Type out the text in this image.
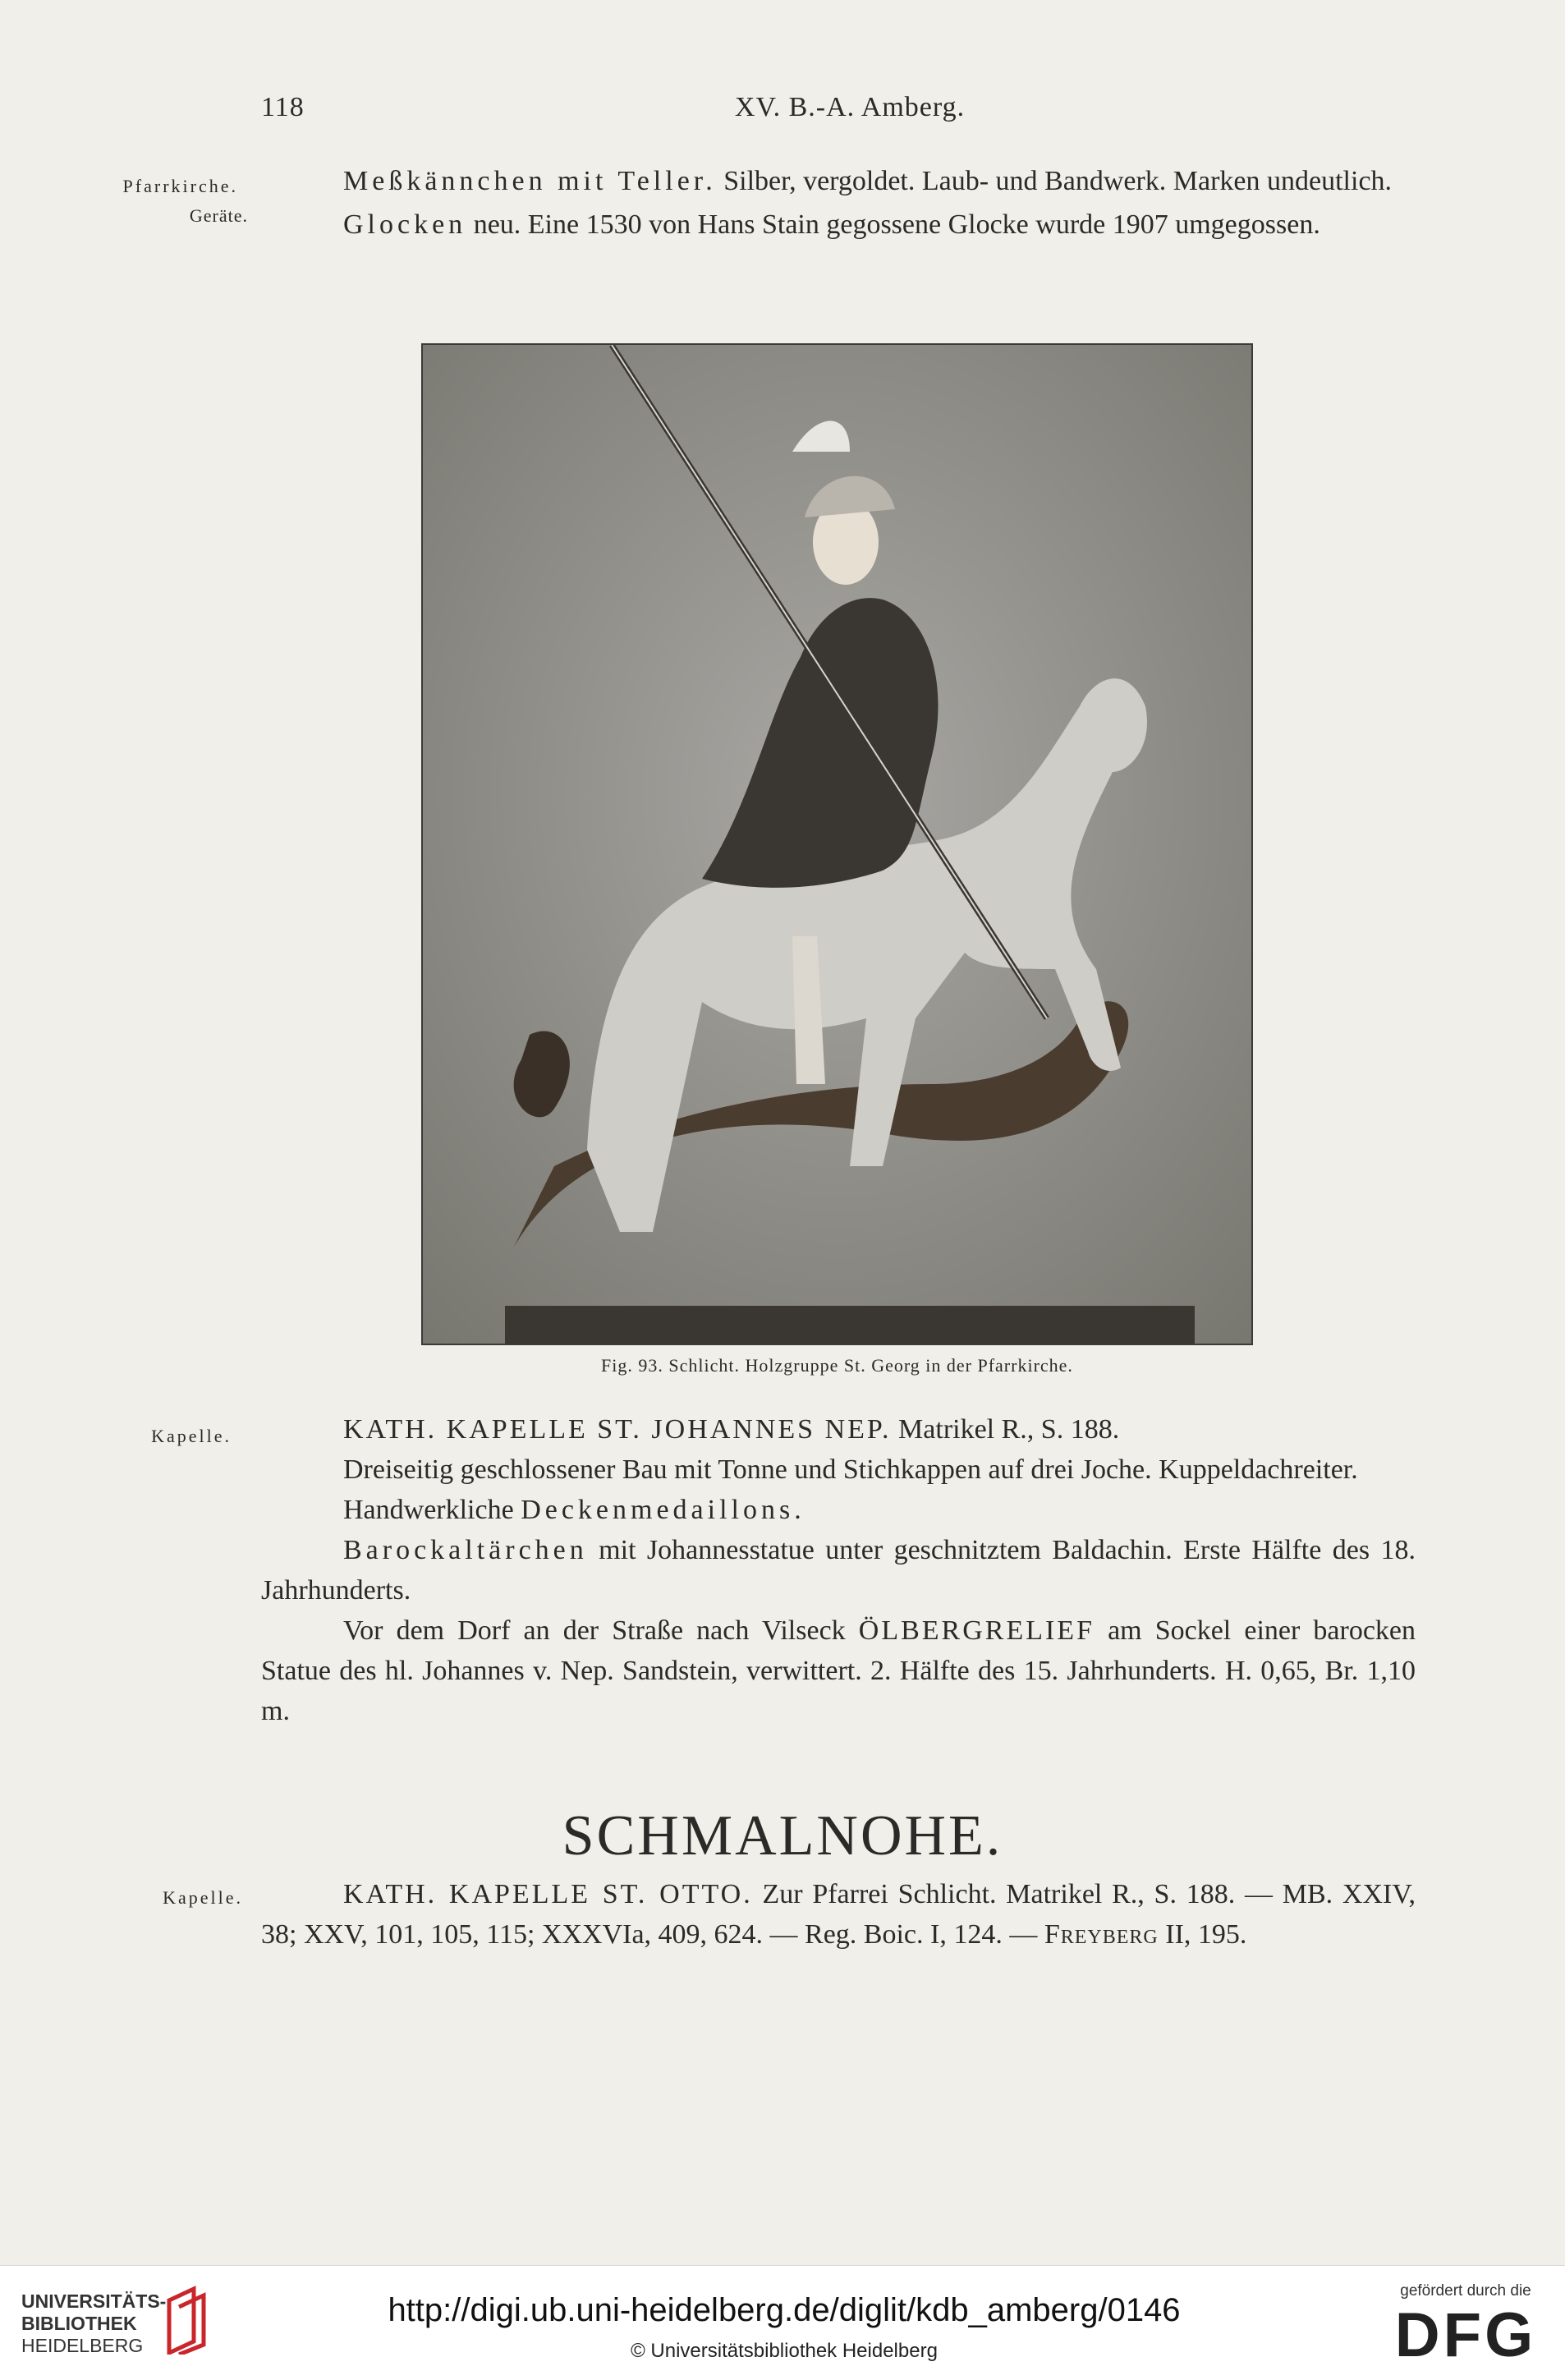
118	XV. B.-A. Amberg.
Pfarrkirche.
Geräte.

Meßkännchen mit Teller. Silber, vergoldet. Laub- und Bandwerk. Marken undeutlich.

Glocken neu. Eine 1530 von Hans Stain gegossene Glocke wurde 1907 umgegossen.

Fig. 93. Schlicht. Holzgruppe St. Georg in der Pfarrkirche.
Kapelle.	KATH. KAPELLE ST. JOHANNES NEP. Matrikel R., S. 188.

Dreiseitig geschlossener Bau mit Tonne und Stichkappen auf drei Joche. Kuppeldachreiter.

Handwerkliche Deckenmedaillons.

Barockaltärchen mit Johannesstatue unter geschnitztem Baldachin. Erste Hälfte des 18. Jahrhunderts.

Vor dem Dorf an der Straße nach Vilseck ÖLBERGRELIEF am Sockel einer barocken Statue des hl. Johannes v. Nep. Sandstein, verwittert. 2. Hälfte des 15. Jahrhunderts. H. 0,65, Br. 1,10 m.

SCHMALNOHE.
Kapelle.	KATH. KAPELLE ST. OTTO. Zur Pfarrei Schlicht. Matrikel R., S. 188. — MB. XXIV, 38; XXV, 101, 105, 115; XXXVIa, 409, 624. — Reg. Boic. I, 124. — Freyberg II, 195.

UNIVERSITÄTS-
BIBLIOTHEK
HEIDELBERG
http://digi.ub.uni-heidelberg.de/diglit/kdb_amberg/0146
© Universitätsbibliothek Heidelberg
gefördert durch die
DFG
